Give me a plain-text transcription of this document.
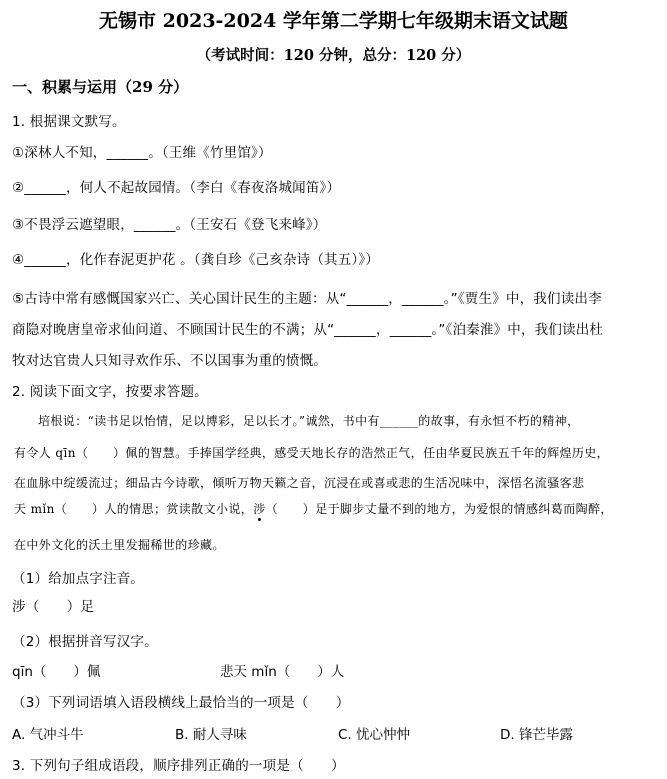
无锡市 2023-2024 学年第二学期七年级期末语文试题
（考试时间：120 分钟，总分：120 分）
一、积累与运用（29 分）
1. 根据课文默写。
①深林人不知，______。（王维《竹里馆》）
②______，何人不起故园情。（李白《春夜洛城闻笛》）
③不畏浮云遮望眼，______。（王安石《登飞来峰》）
④______，化作春泥更护花 。（龚自珍《己亥杂诗（其五）》）
⑤古诗中常有感慨国家兴亡、关心国计民生的主题：从“______，______。”《贾生》中，我们读出李
商隐对晚唐皇帝求仙问道、不顾国计民生的不满；从“______，______。”《泊秦淮》中，我们读出杜
牧对达官贵人只知寻欢作乐、不以国事为重的愤慨。
2. 阅读下面文字，按要求答题。
培根说：“读书足以怡情，足以博彩，足以长才。”诚然，书中有______的故事，有永恒不朽的精神，
有令人 qīn（　　）佩的智慧。手捧国学经典，感受天地长存的浩然正气，任由华夏民族五千年的辉煌历史，
在血脉中绽缓流过；细品古今诗歌，倾听万物天籁之音，沉浸在或喜或悲的生活况味中，深悟名流骚客悲
天 mǐn（　　）人的情思；赏读散文小说，涉（　　）足于脚步丈量不到的地方，为爱恨的情感纠葛而陶醉，
在中外文化的沃土里发掘稀世的珍藏。
（1）给加点字注音。
涉（　　）足
（2）根据拼音写汉字。
qīn（　　）佩	悲天 mǐn（　　）人
（3）下列词语填入语段横线上最恰当的一项是（　　）
A. 气冲斗牛	B. 耐人寻味	C. 忧心忡忡	D. 锋芒毕露
3. 下列句子组成语段，顺序排列正确的一项是（　　）
